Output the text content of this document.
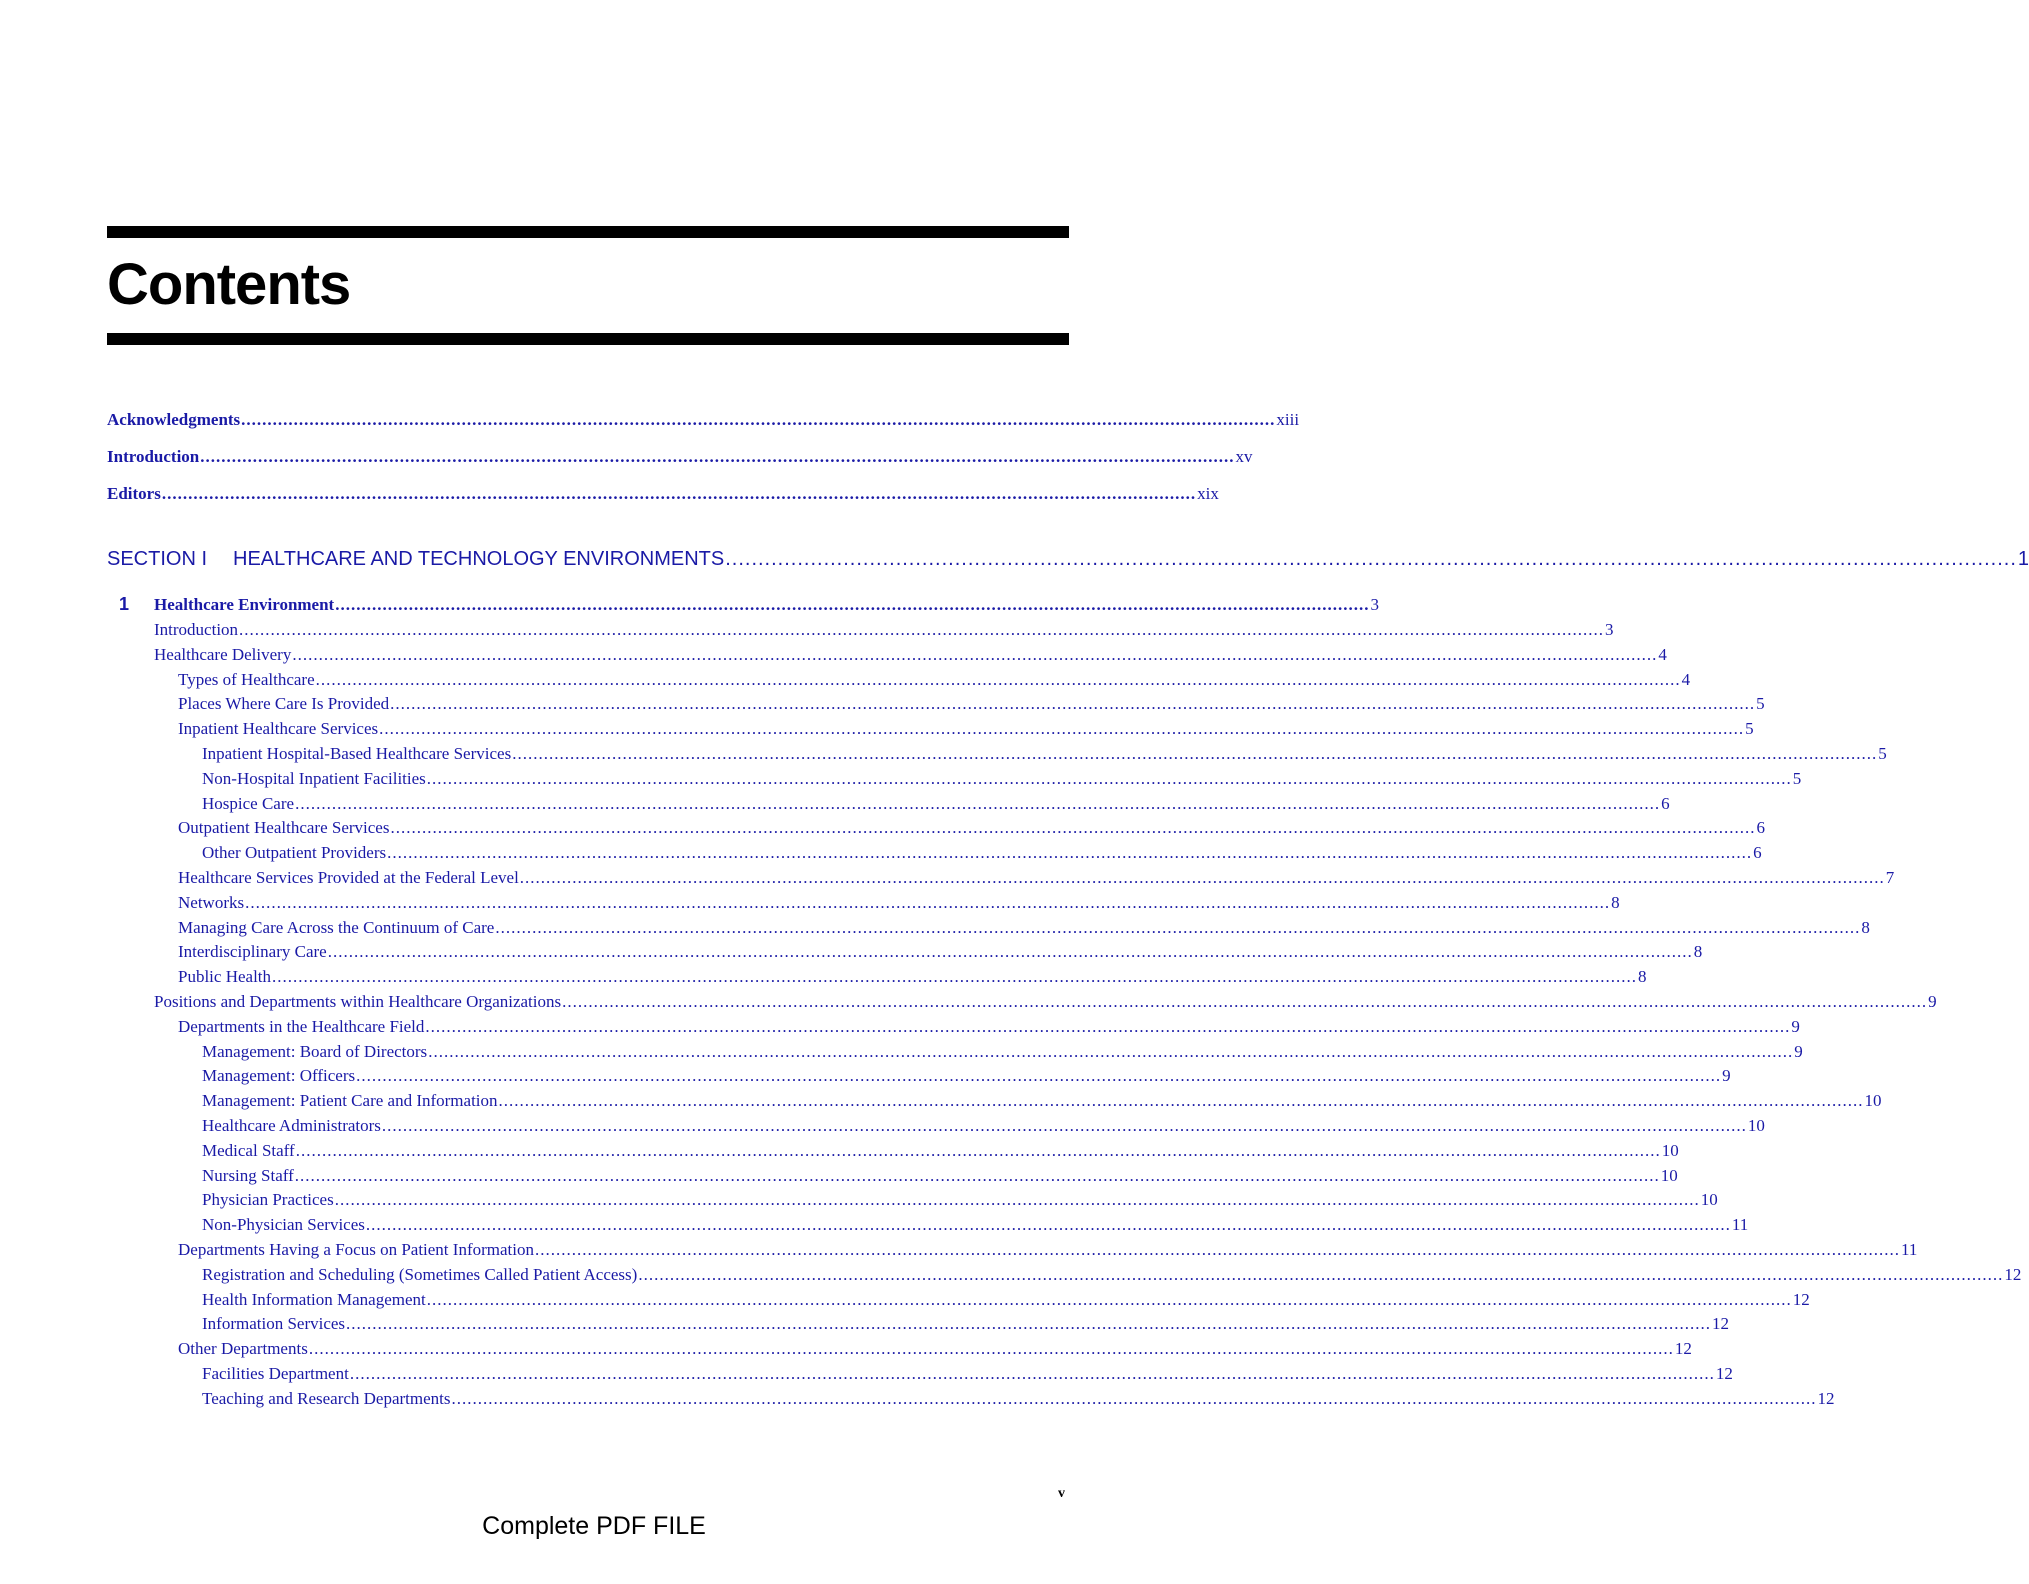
Contents
Acknowledgments ..................................................................................................................................................................................................... xiii
Introduction ..................................................................................................................................................................................................... xv
Editors ..................................................................................................................................................................................................... xix
SECTION I HEALTHCARE AND TECHNOLOGY ENVIRONMENTS ..................................................................................................................................................................................................... 1
1 Healthcare Environment ..................................................................................................................................................................................................... 3
Introduction .................................................................................................................................................................................................................................................................... 3
Healthcare Delivery .................................................................................................................................................................................................................................................................... 4
Types of Healthcare .................................................................................................................................................................................................................................................................... 4
Places Where Care Is Provided .................................................................................................................................................................................................................................................................... 5
Inpatient Healthcare Services .................................................................................................................................................................................................................................................................... 5
Inpatient Hospital-Based Healthcare Services .................................................................................................................................................................................................................................................................... 5
Non-Hospital Inpatient Facilities .................................................................................................................................................................................................................................................................... 5
Hospice Care .................................................................................................................................................................................................................................................................... 6
Outpatient Healthcare Services .................................................................................................................................................................................................................................................................... 6
Other Outpatient Providers .................................................................................................................................................................................................................................................................... 6
Healthcare Services Provided at the Federal Level .................................................................................................................................................................................................................................................................... 7
Networks .................................................................................................................................................................................................................................................................... 8
Managing Care Across the Continuum of Care .................................................................................................................................................................................................................................................................... 8
Interdisciplinary Care .................................................................................................................................................................................................................................................................... 8
Public Health .................................................................................................................................................................................................................................................................... 8
Positions and Departments within Healthcare Organizations .................................................................................................................................................................................................................................................................... 9
Departments in the Healthcare Field .................................................................................................................................................................................................................................................................... 9
Management: Board of Directors .................................................................................................................................................................................................................................................................... 9
Management: Officers .................................................................................................................................................................................................................................................................... 9
Management: Patient Care and Information .................................................................................................................................................................................................................................................................... 10
Healthcare Administrators .................................................................................................................................................................................................................................................................... 10
Medical Staff .................................................................................................................................................................................................................................................................... 10
Nursing Staff .................................................................................................................................................................................................................................................................... 10
Physician Practices .................................................................................................................................................................................................................................................................... 10
Non-Physician Services .................................................................................................................................................................................................................................................................... 11
Departments Having a Focus on Patient Information .................................................................................................................................................................................................................................................................... 11
Registration and Scheduling (Sometimes Called Patient Access) .................................................................................................................................................................................................................................................................... 12
Health Information Management .................................................................................................................................................................................................................................................................... 12
Information Services .................................................................................................................................................................................................................................................................... 12
Other Departments .................................................................................................................................................................................................................................................................... 12
Facilities Department .................................................................................................................................................................................................................................................................... 12
Teaching and Research Departments .................................................................................................................................................................................................................................................................... 12
v
Complete PDF FILE
